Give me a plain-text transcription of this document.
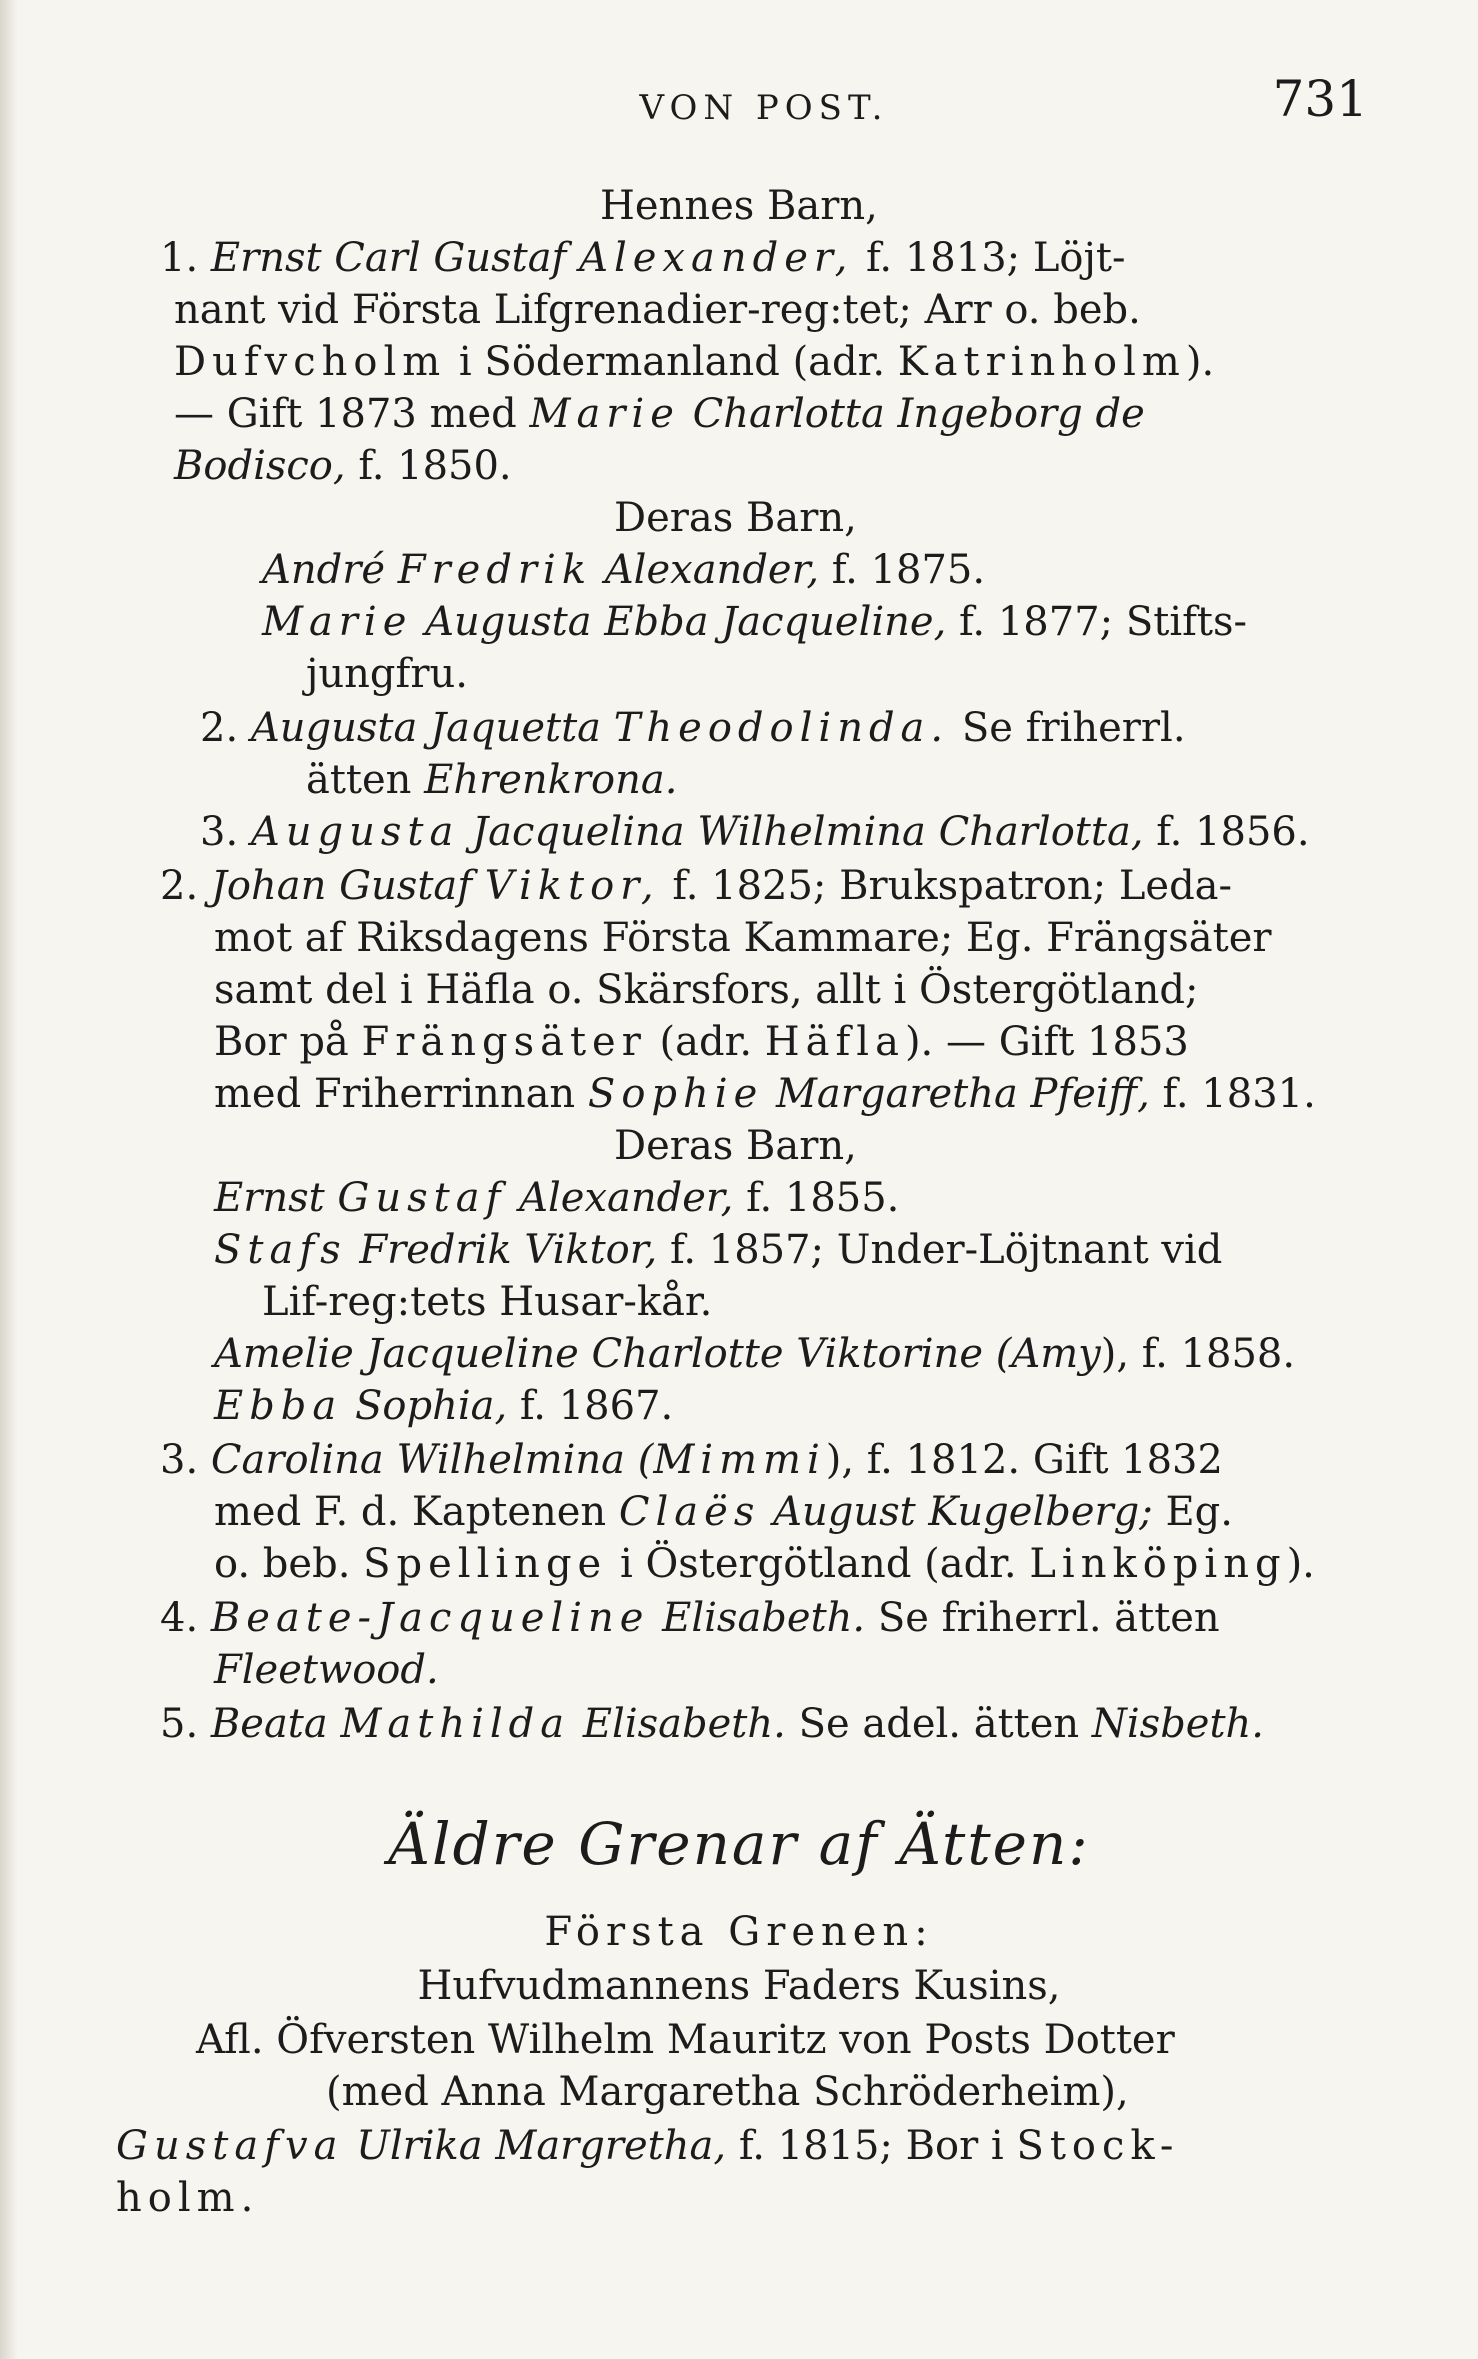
VON POST.	731
Hennes Barn,
1. Ernst Carl Gustaf Alexander, f. 1813; Löjt-
nant vid Första Lifgrenadier-reg:tet; Arr o. beb.
Dufvcholm i Södermanland (adr. Katrinholm).
— Gift 1873 med Marie Charlotta Ingeborg de
Bodisco, f. 1850.
Deras Barn,
André Fredrik Alexander, f. 1875.
Marie Augusta Ebba Jacqueline, f. 1877; Stifts-
jungfru.
2. Augusta Jaquetta Theodolinda. Se friherrl.
ätten Ehrenkrona.
3. Augusta Jacquelina Wilhelmina Charlotta, f. 1856.
2. Johan Gustaf Viktor, f. 1825; Brukspatron; Leda-
mot af Riksdagens Första Kammare; Eg. Frängsäter
samt del i Häfla o. Skärsfors, allt i Östergötland;
Bor på Frängsäter (adr. Häfla). — Gift 1853
med Friherrinnan Sophie Margaretha Pfeiff, f. 1831.
Deras Barn,
Ernst Gustaf Alexander, f. 1855.
Stafs Fredrik Viktor, f. 1857; Under-Löjtnant vid
Lif-reg:tets Husar-kår.
Amelie Jacqueline Charlotte Viktorine (Amy), f. 1858.
Ebba Sophia, f. 1867.
3. Carolina Wilhelmina (Mimmi), f. 1812. Gift 1832
med F. d. Kaptenen Claës August Kugelberg; Eg.
o. beb. Spellinge i Östergötland (adr. Linköping).
4. Beate-Jacqueline Elisabeth. Se friherrl. ätten
Fleetwood.
5. Beata Mathilda Elisabeth. Se adel. ätten Nisbeth.
Äldre Grenar af Ätten:
Första Grenen:
Hufvudmannens Faders Kusins,
Afl. Öfversten Wilhelm Mauritz von Posts Dotter
(med Anna Margaretha Schröderheim),
Gustafva Ulrika Margretha, f. 1815; Bor i Stock-
holm.
